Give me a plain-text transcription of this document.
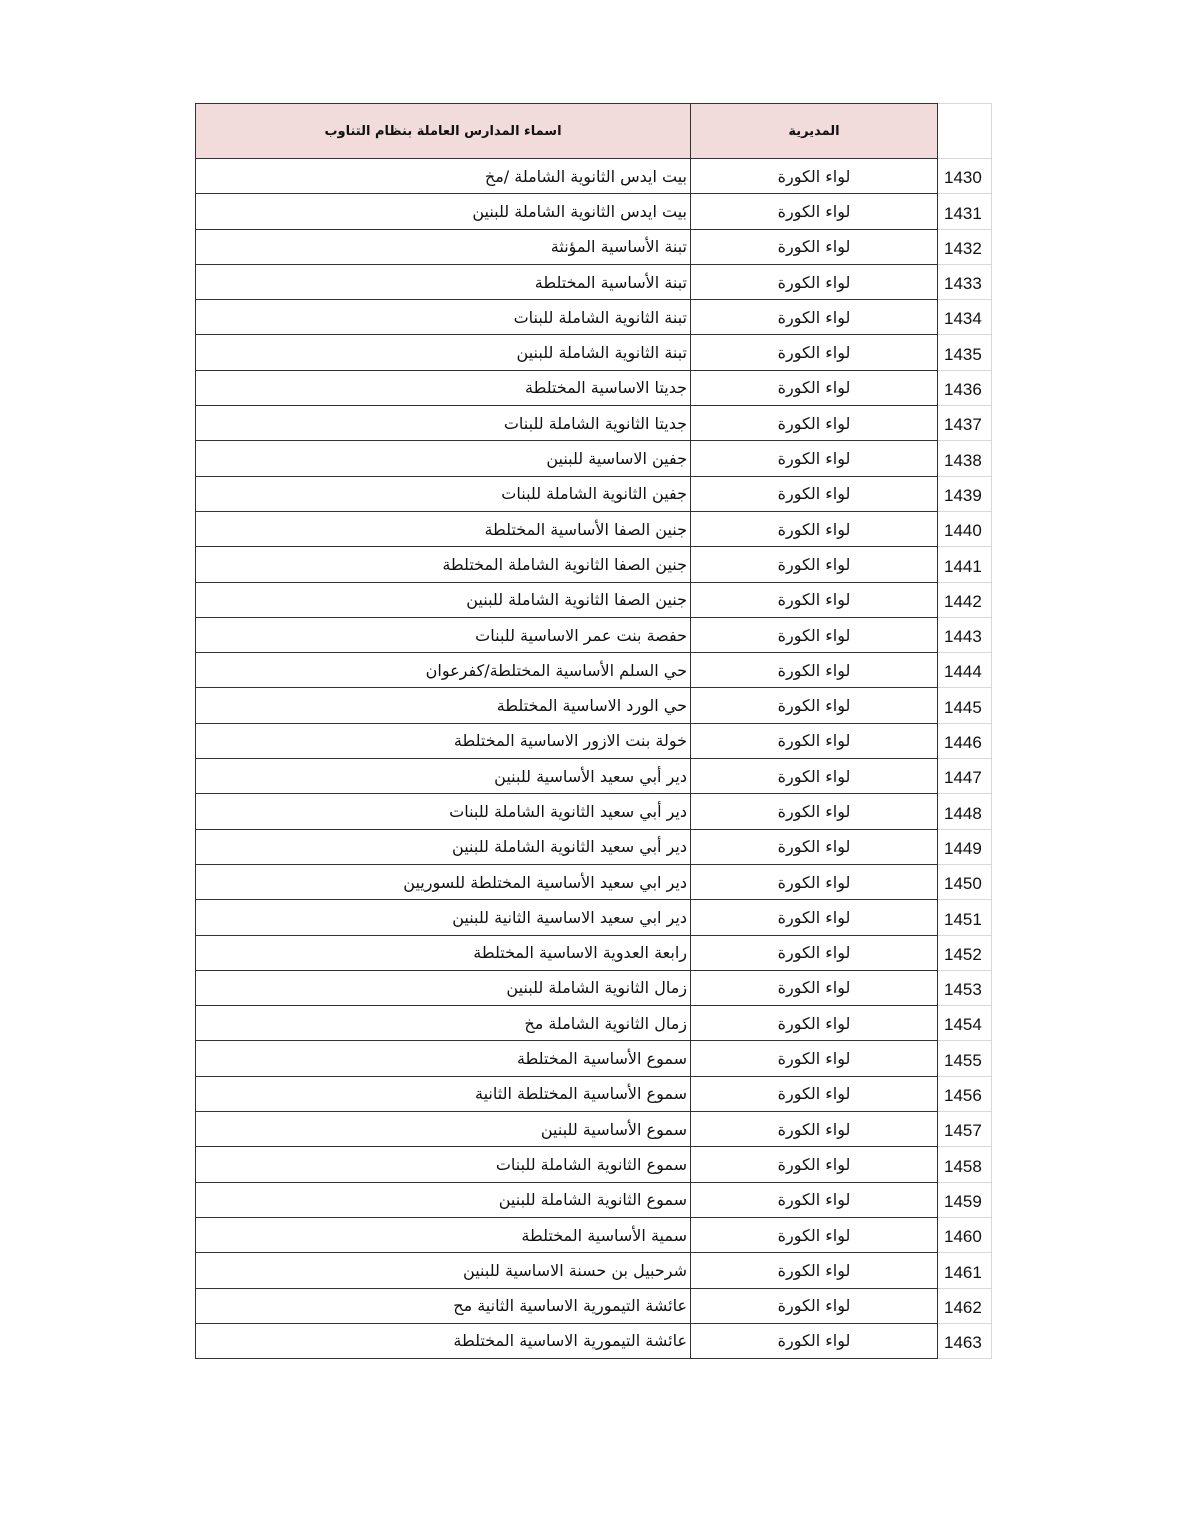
اسماء المدارس العاملة بنظام التناوب	المديرية	
بيت ايدس الثانوية الشاملة /مخ	لواء الكورة	1430
بيت ايدس الثانوية الشاملة للبنين	لواء الكورة	1431
تبنة الأساسية المؤنثة	لواء الكورة	1432
تبنة الأساسية المختلطة	لواء الكورة	1433
تبنة الثانوية الشاملة للبنات	لواء الكورة	1434
تبنة الثانوية الشاملة للبنين	لواء الكورة	1435
جديتا الاساسية المختلطة	لواء الكورة	1436
جديتا الثانوية الشاملة للبنات	لواء الكورة	1437
جفين الاساسية للبنين	لواء الكورة	1438
جفين الثانوية الشاملة للبنات	لواء الكورة	1439
جنين الصفا الأساسية المختلطة	لواء الكورة	1440
جنين الصفا الثانوية الشاملة المختلطة	لواء الكورة	1441
جنين الصفا الثانوية الشاملة للبنين	لواء الكورة	1442
حفصة بنت عمر الاساسية للبنات	لواء الكورة	1443
حي السلم الأساسية المختلطة/كفرعوان	لواء الكورة	1444
حي الورد الاساسية المختلطة	لواء الكورة	1445
خولة بنت الازور الاساسية المختلطة	لواء الكورة	1446
دير أبي سعيد الأساسية للبنين	لواء الكورة	1447
دير أبي سعيد الثانوية الشاملة للبنات	لواء الكورة	1448
دير أبي سعيد الثانوية الشاملة للبنين	لواء الكورة	1449
دير ابي سعيد الأساسية المختلطة للسوريين	لواء الكورة	1450
دير ابي سعيد الاساسية الثانية للبنين	لواء الكورة	1451
رابعة العدوية الاساسية المختلطة	لواء الكورة	1452
زمال الثانوية الشاملة للبنين	لواء الكورة	1453
زمال الثانوية الشاملة مخ	لواء الكورة	1454
سموع الأساسية المختلطة	لواء الكورة	1455
سموع الأساسية المختلطة الثانية	لواء الكورة	1456
سموع الأساسية للبنين	لواء الكورة	1457
سموع الثانوية الشاملة للبنات	لواء الكورة	1458
سموع الثانوية الشاملة للبنين	لواء الكورة	1459
سمية الأساسية المختلطة	لواء الكورة	1460
شرحبيل بن حسنة الاساسية للبنين	لواء الكورة	1461
عائشة التيمورية الاساسية الثانية مح	لواء الكورة	1462
عائشة التيمورية الاساسية المختلطة	لواء الكورة	1463
